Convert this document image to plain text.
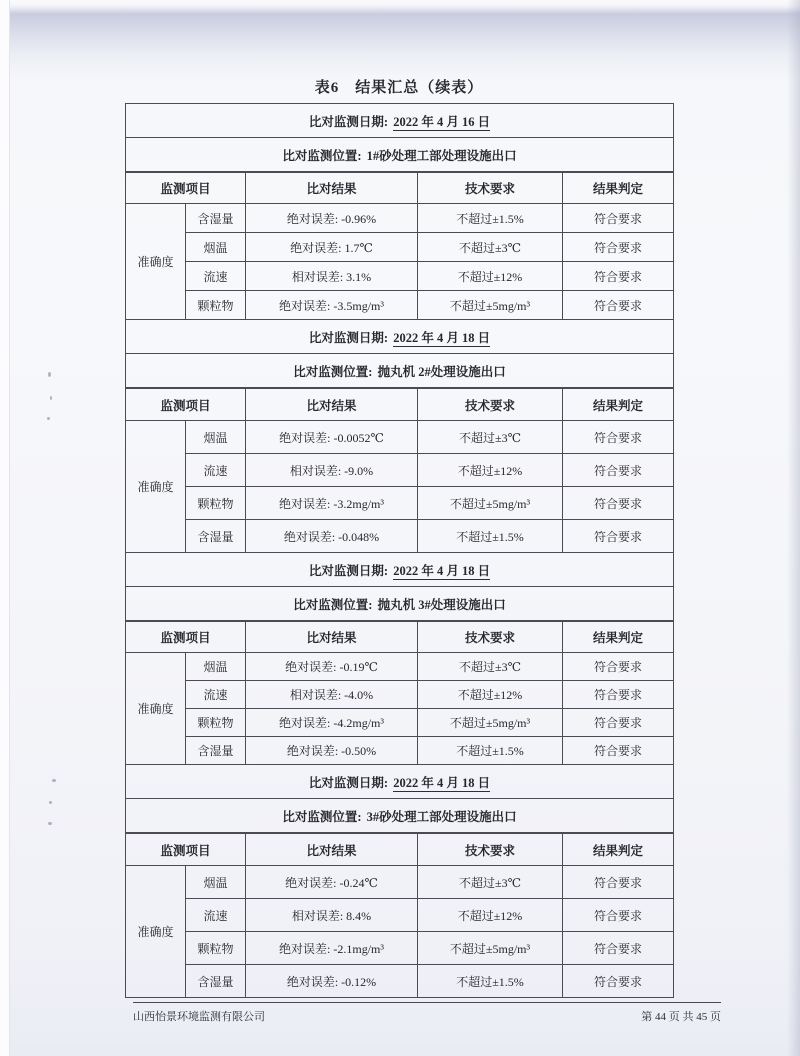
表6　结果汇总（续表）
比对监测日期: 2022 年 4 月 16 日				
比对监测位置: 1#砂处理工部处理设施出口				
监测项目		比对结果	技术要求	结果判定
准确度	含湿量	绝对误差: -0.96%	不超过±1.5%	符合要求
	烟温	绝对误差: 1.7℃	不超过±3℃	符合要求
	流速	相对误差: 3.1%	不超过±12%	符合要求
	颗粒物	绝对误差: -3.5mg/m³	不超过±5mg/m³	符合要求
比对监测日期: 2022 年 4 月 18 日				
比对监测位置: 抛丸机 2#处理设施出口				
监测项目		比对结果	技术要求	结果判定
准确度	烟温	绝对误差: -0.0052℃	不超过±3℃	符合要求
	流速	相对误差: -9.0%	不超过±12%	符合要求
	颗粒物	绝对误差: -3.2mg/m³	不超过±5mg/m³	符合要求
	含湿量	绝对误差: -0.048%	不超过±1.5%	符合要求
比对监测日期: 2022 年 4 月 18 日				
比对监测位置: 抛丸机 3#处理设施出口				
监测项目		比对结果	技术要求	结果判定
准确度	烟温	绝对误差: -0.19℃	不超过±3℃	符合要求
	流速	相对误差: -4.0%	不超过±12%	符合要求
	颗粒物	绝对误差: -4.2mg/m³	不超过±5mg/m³	符合要求
	含湿量	绝对误差: -0.50%	不超过±1.5%	符合要求
比对监测日期: 2022 年 4 月 18 日				
比对监测位置: 3#砂处理工部处理设施出口				
监测项目		比对结果	技术要求	结果判定
准确度	烟温	绝对误差: -0.24℃	不超过±3℃	符合要求
	流速	相对误差: 8.4%	不超过±12%	符合要求
	颗粒物	绝对误差: -2.1mg/m³	不超过±5mg/m³	符合要求
	含湿量	绝对误差: -0.12%	不超过±1.5%	符合要求
山西怡景环境监测有限公司	第 44 页 共 45 页
